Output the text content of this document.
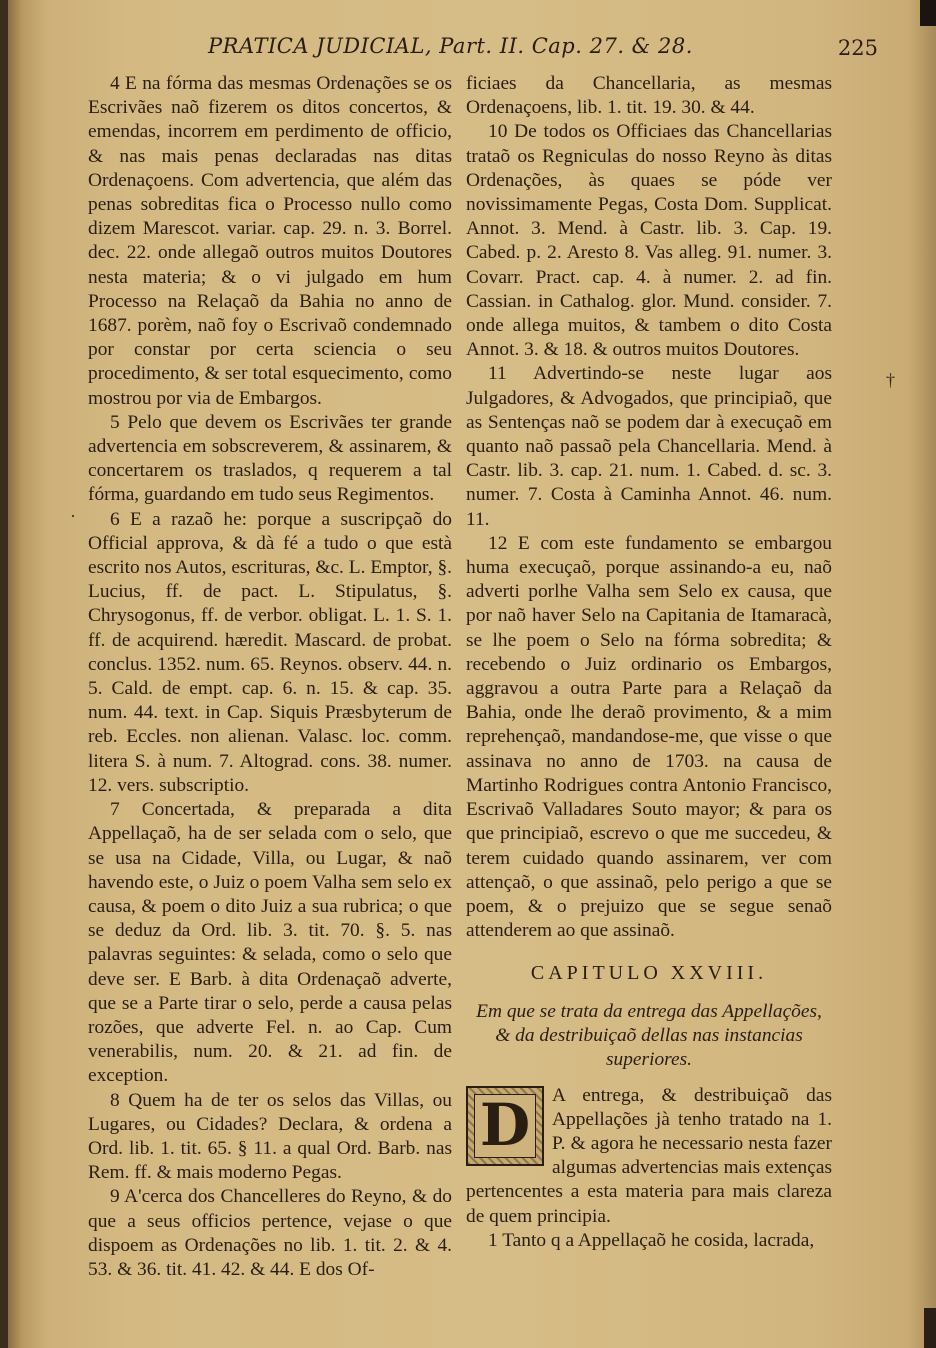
PRATICA JUDICIAL, Part. II. Cap. 27. & 28.	225

4 E na fórma das mesmas Ordenações se os Escrivães naõ fizerem os ditos concertos, & emendas, incorrem em perdimento de officio, & nas mais penas declaradas nas ditas Ordenaçoens. Com advertencia, que além das penas sobreditas fica o Processo nullo como dizem Marescot. variar. cap. 29. n. 3. Borrel. dec. 22. onde allegaõ outros muitos Doutores nesta materia; & o vi julgado em hum Processo na Relaçaõ da Bahia no anno de 1687. porèm, naõ foy o Escrivaõ condemnado por constar por certa sciencia o seu procedimento, & ser total esquecimento, como mostrou por via de Embargos.

5 Pelo que devem os Escrivães ter grande advertencia em sobscreverem, & assinarem, & concertarem os traslados, q requerem a tal fórma, guardando em tudo seus Regimentos.

6 E a razaõ he: porque a suscripçaõ do Official approva, & dà fé a tudo o que està escrito nos Autos, escrituras, &c. L. Emptor, §. Lucius, ff. de pact. L. Stipulatus, §. Chrysogonus, ff. de verbor. obligat. L. 1. S. 1. ff. de acquirend. hæredit. Mascard. de probat. conclus. 1352. num. 65. Reynos. observ. 44. n. 5. Cald. de empt. cap. 6. n. 15. & cap. 35. num. 44. text. in Cap. Siquis Præsbyterum de reb. Eccles. non alienan. Valasc. loc. comm. litera S. à num. 7. Altograd. cons. 38. numer. 12. vers. subscriptio.

7 Concertada, & preparada a dita Appellaçaõ, ha de ser selada com o selo, que se usa na Cidade, Villa, ou Lugar, & naõ havendo este, o Juiz o poem Valha sem selo ex causa, & poem o dito Juiz a sua rubrica; o que se deduz da Ord. lib. 3. tit. 70. §. 5. nas palavras seguintes: & selada, como o selo que deve ser. E Barb. à dita Ordenaçaõ adverte, que se a Parte tirar o selo, perde a causa pelas rozões, que adverte Fel. n. ao Cap. Cum venerabilis, num. 20. & 21. ad fin. de exception.

8 Quem ha de ter os selos das Villas, ou Lugares, ou Cidades? Declara, & ordena a Ord. lib. 1. tit. 65. § 11. a qual Ord. Barb. nas Rem. ff. & mais moderno Pegas.

9 A'cerca dos Chancelleres do Reyno, & do que a seus officios pertence, vejase o que dispoem as Ordenações no lib. 1. tit. 2. & 4. 53. & 36. tit. 41. 42. & 44. E dos Of-

ficiaes da Chancellaria, as mesmas Ordenaçoens, lib. 1. tit. 19. 30. & 44.

10 De todos os Officiaes das Chancellarias trataõ os Regniculas do nosso Reyno às ditas Ordenações, às quaes se póde ver novissimamente Pegas, Costa Dom. Supplicat. Annot. 3. Mend. à Castr. lib. 3. Cap. 19. Cabed. p. 2. Aresto 8. Vas alleg. 91. numer. 3. Covarr. Pract. cap. 4. à numer. 2. ad fin. Cassian. in Cathalog. glor. Mund. consider. 7. onde allega muitos, & tambem o dito Costa Annot. 3. & 18. & outros muitos Doutores.

11 Advertindo-se neste lugar aos Julgadores, & Advogados, que principiaõ, que as Sentenças naõ se podem dar à execuçaõ em quanto naõ passaõ pela Chancellaria. Mend. à Castr. lib. 3. cap. 21. num. 1. Cabed. d. sc. 3. numer. 7. Costa à Caminha Annot. 46. num. 11.

12 E com este fundamento se embargou huma execuçaõ, porque assinando-a eu, naõ adverti porlhe Valha sem Selo ex causa, que por naõ haver Selo na Capitania de Itamaracà, se lhe poem o Selo na fórma sobredita; & recebendo o Juiz ordinario os Embargos, aggravou a outra Parte para a Relaçaõ da Bahia, onde lhe deraõ provimento, & a mim reprehençaõ, mandandose-me, que visse o que assinava no anno de 1703. na causa de Martinho Rodrigues contra Antonio Francisco, Escrivaõ Valladares Souto mayor; & para os que principiaõ, escrevo o que me succedeu, & terem cuidado quando assinarem, ver com attençaõ, o que assinaõ, pelo perigo a que se poem, & o prejuizo que se segue senaõ attenderem ao que assinaõ.

CAPITULO XXVIII.
Em que se trata da entrega das Appellações, & da destribuiçaõ dellas nas instancias superiores.

D	A entrega, & destribuiçaõ das Appellações jà tenho tratado na 1. P. & agora he necessario nesta fazer algumas advertencias mais extenças pertencentes a esta materia para mais clareza de quem principia.

1 Tanto q a Appellaçaõ he cosida, lacrada,

†
·
